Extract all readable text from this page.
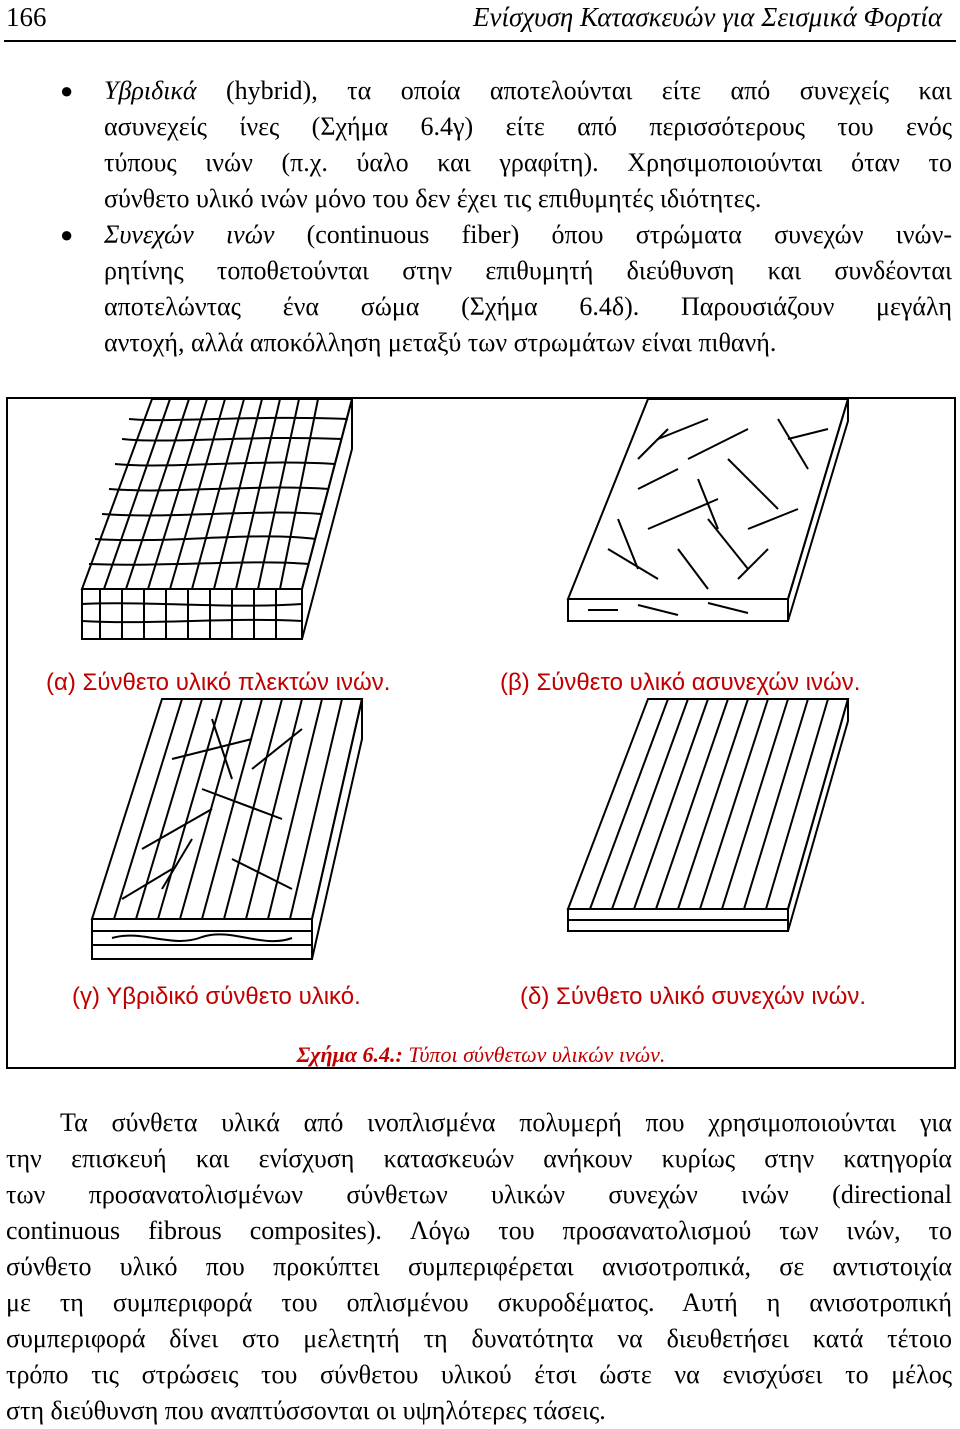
166	Ενίσχυση Κατασκευών για Σεισμικά Φορτία
● Υβριδικά (hybrid), τα οποία αποτελούνται είτε από συνεχείς και
ασυνεχείς ίνες (Σχήμα 6.4γ) είτε από περισσότερους του ενός
τύπους ινών (π.χ. ύαλο και γραφίτη). Χρησιμοποιούνται όταν το
σύνθετο υλικό ινών μόνο του δεν έχει τις επιθυμητές ιδιότητες.
● Συνεχών ινών (continuous fiber) όπου στρώματα συνεχών ινών-
ρητίνης τοποθετούνται στην επιθυμητή διεύθυνση και συνδέονται
αποτελώντας ένα σώμα (Σχήμα 6.4δ). Παρουσιάζουν μεγάλη
αντοχή, αλλά αποκόλληση μεταξύ των στρωμάτων είναι πιθανή.
(α) Σύνθετο υλικό πλεκτών ινών.	(β) Σύνθετο υλικό ασυνεχών ινών.
(γ) Υβριδικό σύνθετο υλικό.	(δ) Σύνθετο υλικό συνεχών ινών.
Σχήμα 6.4.: Τύποι σύνθετων υλικών ινών.
Τα σύνθετα υλικά από ινοπλισμένα πολυμερή που χρησιμοποιούνται για
την επισκευή και ενίσχυση κατασκευών ανήκουν κυρίως στην κατηγορία
των προσανατολισμένων σύνθετων υλικών συνεχών ινών (directional
continuous fibrous composites). Λόγω του προσανατολισμού των ινών, το
σύνθετο υλικό που προκύπτει συμπεριφέρεται ανισοτροπικά, σε αντιστοιχία
με τη συμπεριφορά του οπλισμένου σκυροδέματος. Αυτή η ανισοτροπική
συμπεριφορά δίνει στο μελετητή τη δυνατότητα να διευθετήσει κατά τέτοιο
τρόπο τις στρώσεις του σύνθετου υλικού έτσι ώστε να ενισχύσει το μέλος
στη διεύθυνση που αναπτύσσονται οι υψηλότερες τάσεις.
